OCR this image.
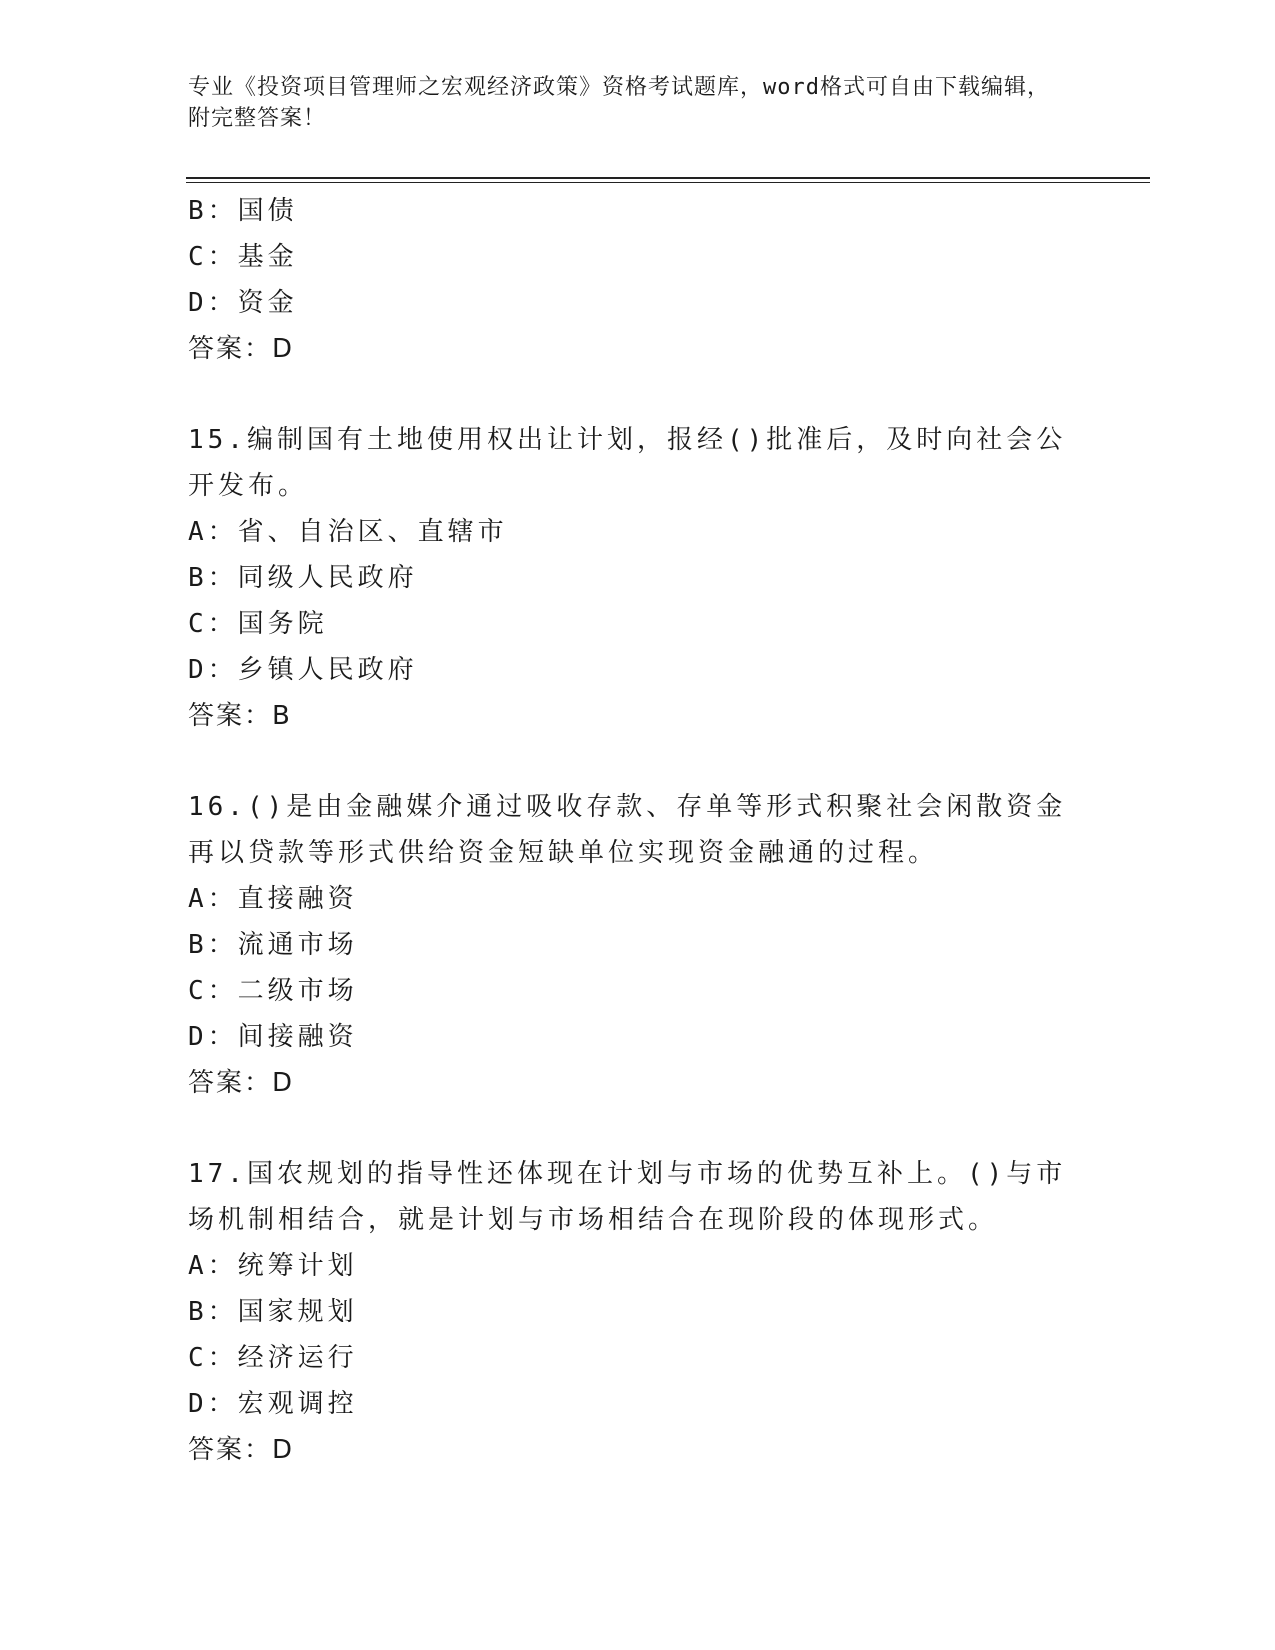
专业《投资项目管理师之宏观经济政策》资格考试题库，word格式可自由下载编辑，附完整答案！
B：国债
C：基金
D：资金
答案：D
15.编制国有土地使用权出让计划，报经()批准后，及时向社会公开发布。
A：省、自治区、直辖市
B：同级人民政府
C：国务院
D：乡镇人民政府
答案：B
16.()是由金融媒介通过吸收存款、存单等形式积聚社会闲散资金再以贷款等形式供给资金短缺单位实现资金融通的过程。
A：直接融资
B：流通市场
C：二级市场
D：间接融资
答案：D
17.国农规划的指导性还体现在计划与市场的优势互补上。()与市场机制相结合，就是计划与市场相结合在现阶段的体现形式。
A：统筹计划
B：国家规划
C：经济运行
D：宏观调控
答案：D
